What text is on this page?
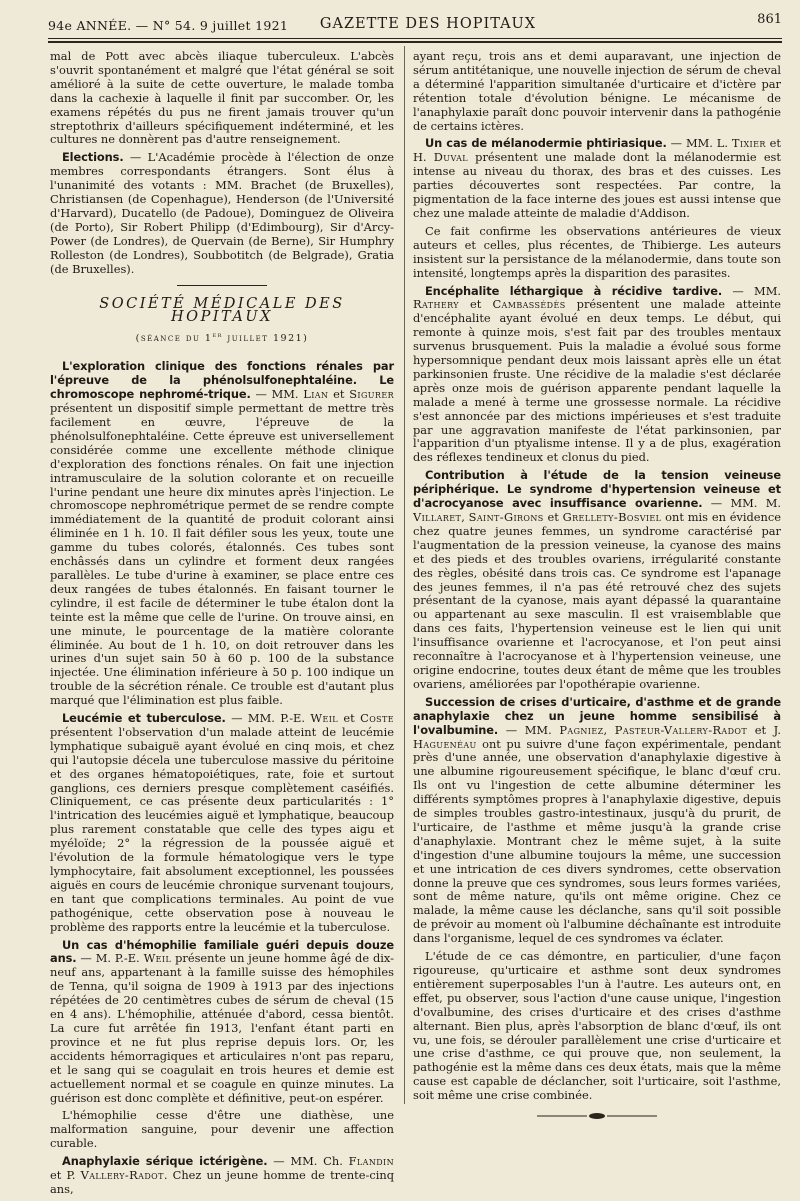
94e ANNÉE. — N° 54. 9 juillet 1921	GAZETTE DES HOPITAUX	861

mal de Pott avec abcès iliaque tuberculeux. L'abcès s'ouvrit spontanément et malgré que l'état général se soit amélioré à la suite de cette ouverture, le malade tomba dans la cachexie à laquelle il finit par succomber. Or, les examens répétés du pus ne firent jamais trouver qu'un streptothrix d'ailleurs spécifiquement indéterminé, et les cultures ne donnèrent pas d'autre renseignement.

Elections. — L'Académie procède à l'élection de onze membres correspondants étrangers. Sont élus à l'unanimité des votants : MM. Brachet (de Bruxelles), Christiansen (de Copenhague), Henderson (de l'Université d'Harvard), Ducatello (de Padoue), Dominguez de Oliveira (de Porto), Sir Robert Philipp (d'Edimbourg), Sir d'Arcy-Power (de Londres), de Quervain (de Berne), Sir Humphry Rolleston (de Londres), Soubbotitch (de Belgrade), Gratia (de Bruxelles).

SOCIÉTÉ MÉDICALE DES HOPITAUX
(séance du 1er juillet 1921)

L'exploration clinique des fonctions rénales par l'épreuve de la phénolsulfonephtaléine. Le chromoscope nephromé-trique. — MM. Lian et Sigurer présentent un dispositif simple permettant de mettre très facilement en œuvre, l'épreuve de la phénolsulfonephtaléine. Cette épreuve est universellement considérée comme une excellente méthode clinique d'exploration des fonctions rénales. On fait une injection intramusculaire de la solution colorante et on recueille l'urine pendant une heure dix minutes après l'injection. Le chromoscope nephrométrique permet de se rendre compte immédiatement de la quantité de produit colorant ainsi éliminée en 1 h. 10. Il fait défiler sous les yeux, toute une gamme du tubes colorés, étalonnés. Ces tubes sont enchâssés dans un cylindre et forment deux rangées parallèles. Le tube d'urine à examiner, se place entre ces deux rangées de tubes étalonnés. En faisant tourner le cylindre, il est facile de déterminer le tube étalon dont la teinte est la même que celle de l'urine. On trouve ainsi, en une minute, le pourcentage de la matière colorante éliminée. Au bout de 1 h. 10, on doit retrouver dans les urines d'un sujet sain 50 à 60 p. 100 de la substance injectée. Une élimination inférieure à 50 p. 100 indique un trouble de la sécrétion rénale. Ce trouble est d'autant plus marqué que l'élimination est plus faible.

Leucémie et tuberculose. — MM. P.-E. Weil et Coste présentent l'observation d'un malade atteint de leucémie lymphatique subaiguë ayant évolué en cinq mois, et chez qui l'autopsie décela une tuberculose massive du péritoine et des organes hématopoiétiques, rate, foie et surtout ganglions, ces derniers presque complètement caséifiés. Cliniquement, ce cas présente deux particularités : 1° l'intrication des leucémies aiguë et lymphatique, beaucoup plus rarement constatable que celle des types aigu et myéloïde; 2° la régression de la poussée aiguë et l'évolution de la formule hématologique vers le type lymphocytaire, fait absolument exceptionnel, les poussées aiguës en cours de leucémie chronique survenant toujours, en tant que complications terminales. Au point de vue pathogénique, cette observation pose à nouveau le problème des rapports entre la leucémie et la tuberculose.

Un cas d'hémophilie familiale guéri depuis douze ans. — M. P.-E. Weil présente un jeune homme âgé de dix-neuf ans, appartenant à la famille suisse des hémophiles de Tenna, qu'il soigna de 1909 à 1913 par des injections répétées de 20 centimètres cubes de sérum de cheval (15 en 4 ans). L'hémophilie, atténuée d'abord, cessa bientôt. La cure fut arrêtée fin 1913, l'enfant étant parti en province et ne fut plus reprise depuis lors. Or, les accidents hémorragiques et articulaires n'ont pas reparu, et le sang qui se coagulait en trois heures et demie est actuellement normal et se coagule en quinze minutes. La guérison est donc complète et définitive, peut-on espérer.

L'hémophilie cesse d'être une diathèse, une malformation sanguine, pour devenir une affection curable.

Anaphylaxie sérique ictérigène. — MM. Ch. Flandin et P. Vallery-Radot. Chez un jeune homme de trente-cinq ans,

ayant reçu, trois ans et demi auparavant, une injection de sérum antitétanique, une nouvelle injection de sérum de cheval a déterminé l'apparition simultanée d'urticaire et d'ictère par rétention totale d'évolution bénigne. Le mécanisme de l'anaphylaxie paraît donc pouvoir intervenir dans la pathogénie de certains ictères.

Un cas de mélanodermie phtiriasique. — MM. L. Tixier et H. Duval présentent une malade dont la mélanodermie est intense au niveau du thorax, des bras et des cuisses. Les parties découvertes sont respectées. Par contre, la pigmentation de la face interne des joues est aussi intense que chez une malade atteinte de maladie d'Addison.

Ce fait confirme les observations antérieures de vieux auteurs et celles, plus récentes, de Thibierge. Les auteurs insistent sur la persistance de la mélanodermie, dans toute son intensité, longtemps après la disparition des parasites.

Encéphalite léthargique à récidive tardive. — MM. Rathery et Cambassédès présentent une malade atteinte d'encéphalite ayant évolué en deux temps. Le début, qui remonte à quinze mois, s'est fait par des troubles mentaux survenus brusquement. Puis la maladie a évolué sous forme hypersomnique pendant deux mois laissant après elle un état parkinsonien fruste. Une récidive de la maladie s'est déclarée après onze mois de guérison apparente pendant laquelle la malade a mené à terme une grossesse normale. La récidive s'est annoncée par des mictions impérieuses et s'est traduite par une aggravation manifeste de l'état parkinsonien, par l'apparition d'un ptyalisme intense. Il y a de plus, exagération des réflexes tendineux et clonus du pied.

Contribution à l'étude de la tension veineuse périphérique. Le syndrome d'hypertension veineuse et d'acrocyanose avec insuffisance ovarienne. — MM. M. Villaret, Saint-Girons et Grellety-Bosviel ont mis en évidence chez quatre jeunes femmes, un syndrome caractérisé par l'augmentation de la pression veineuse, la cyanose des mains et des pieds et des troubles ovariens, irrégularité constante des règles, obésité dans trois cas. Ce syndrome est l'apanage des jeunes femmes, il n'a pas été retrouvé chez des sujets présentant de la cyanose, mais ayant dépassé la quarantaine ou appartenant au sexe masculin. Il est vraisemblable que dans ces faits, l'hypertension veineuse est le lien qui unit l'insuffisance ovarienne et l'acrocyanose, et l'on peut ainsi reconnaître à l'acrocyanose et à l'hypertension veineuse, une origine endocrine, toutes deux étant de même que les troubles ovariens, améliorées par l'opothérapie ovarienne.

Succession de crises d'urticaire, d'asthme et de grande anaphylaxie chez un jeune homme sensibilisé à l'ovalbumine. — MM. Pagniez, Pasteur-Vallery-Radot et J. Haguenéau ont pu suivre d'une façon expérimentale, pendant près d'une année, une observation d'anaphylaxie digestive à une albumine rigoureusement spécifique, le blanc d'œuf cru. Ils ont vu l'ingestion de cette albumine déterminer les différents symptômes propres à l'anaphylaxie digestive, depuis de simples troubles gastro-intestinaux, jusqu'à du prurit, de l'urticaire, de l'asthme et même jusqu'à la grande crise d'anaphylaxie. Montrant chez le même sujet, à la suite d'ingestion d'une albumine toujours la même, une succession et une intrication de ces divers syndromes, cette observation donne la preuve que ces syndromes, sous leurs formes variées, sont de même nature, qu'ils ont même origine. Chez ce malade, la même cause les déclanche, sans qu'il soit possible de prévoir au moment où l'albumine déchaînante est introduite dans l'organisme, lequel de ces syndromes va éclater.

L'étude de ce cas démontre, en particulier, d'une façon rigoureuse, qu'urticaire et asthme sont deux syndromes entièrement superposables l'un à l'autre. Les auteurs ont, en effet, pu observer, sous l'action d'une cause unique, l'ingestion d'ovalbumine, des crises d'urticaire et des crises d'asthme alternant. Bien plus, après l'absorption de blanc d'œuf, ils ont vu, une fois, se dérouler parallèlement une crise d'urticaire et une crise d'asthme, ce qui prouve que, non seulement, la pathogénie est la même dans ces deux états, mais que la même cause est capable de déclancher, soit l'urticaire, soit l'asthme, soit même une crise combinée.
